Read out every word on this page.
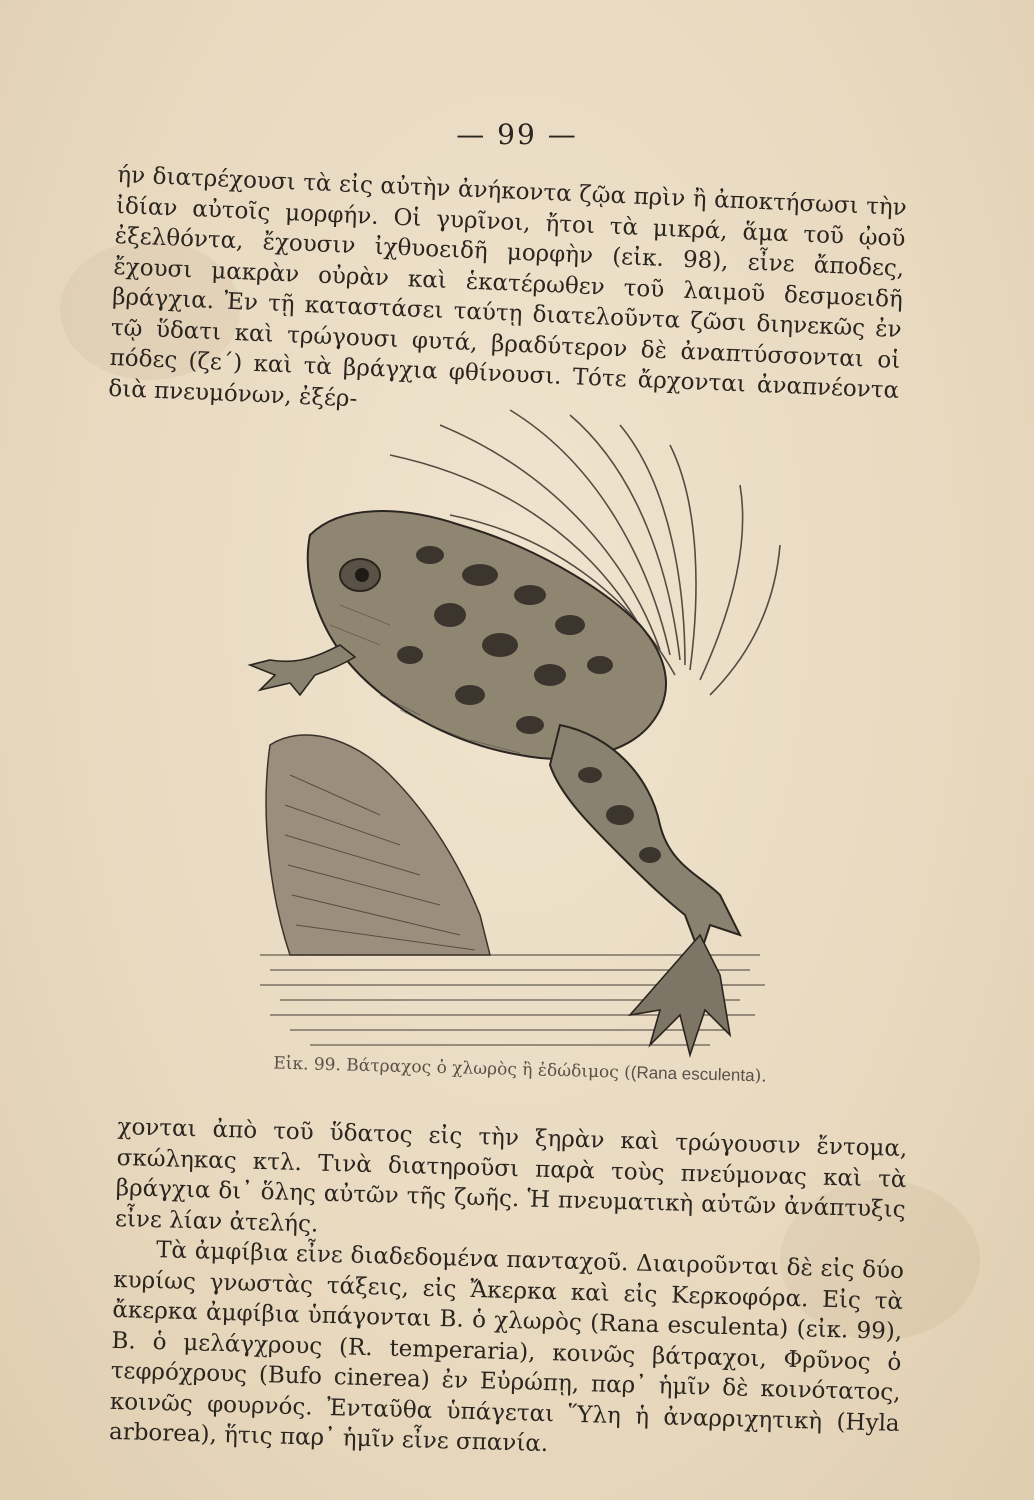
— 99 —

ήν διατρέχουσι τὰ εἰς αὐτὴν ἀνήκοντα ζῷα πρὶν ἢ ἀποκτήσωσι τὴν ἰδίαν αὐτοῖς μορφήν. Οἱ γυρῖνοι, ἤτοι τὰ μικρά, ἅμα τοῦ ᾠοῦ ἐξελθόντα, ἔχουσιν ἰχθυοειδῆ μορφὴν (εἰκ. 98), εἶνε ἄποδες, ἔχουσι μακρὰν οὐρὰν καὶ ἑκατέρωθεν τοῦ λαιμοῦ δεσμοειδῆ βράγχια. Ἐν τῇ καταστάσει ταύτῃ διατελοῦντα ζῶσι διηνεκῶς ἐν τῷ ὕδατι καὶ τρώγουσι φυτά, βραδύτερον δὲ ἀναπτύσσονται οἱ πόδες (ζε´) καὶ τὰ βράγχια φθίνουσι. Τότε ἄρχονται ἀναπνέοντα διὰ πνευμόνων, ἐξέρ-

Εἰκ. 99. Βάτραχος ὁ χλωρὸς ἢ ἐδώδιμος ((Rana esculenta).

χονται ἀπὸ τοῦ ὕδατος εἰς τὴν ξηρὰν καὶ τρώγουσιν ἔντομα, σκώληκας κτλ. Τινὰ διατηροῦσι παρὰ τοὺς πνεύμονας καὶ τὰ βράγχια δι᾽ ὅλης αὐτῶν τῆς ζωῆς. Ἡ πνευματικὴ αὐτῶν ἀνάπτυξις εἶνε λίαν ἀτελής.

Τὰ ἀμφίβια εἶνε διαδεδομένα πανταχοῦ. Διαιροῦνται δὲ εἰς δύο κυρίως γνωστὰς τάξεις, εἰς Ἄκερκα καὶ εἰς Κερκοφόρα. Εἰς τὰ ἄκερκα ἀμφίβια ὑπάγονται Β. ὁ χλωρὸς (Rana esculenta) (εἰκ. 99), Β. ὁ μελάγχρους (R. temperaria), κοινῶς βάτραχοι, Φρῦνος ὁ τεφρόχρους (Bufo cinerea) ἐν Εὐρώπῃ, παρ᾽ ἡμῖν δὲ κοινότατος, κοινῶς φουρνός. Ἐνταῦθα ὑπάγεται Ὕλη ἡ ἀναρριχητικὴ (Hyla arborea), ἥτις παρ᾽ ἡμῖν εἶνε σπανία.
